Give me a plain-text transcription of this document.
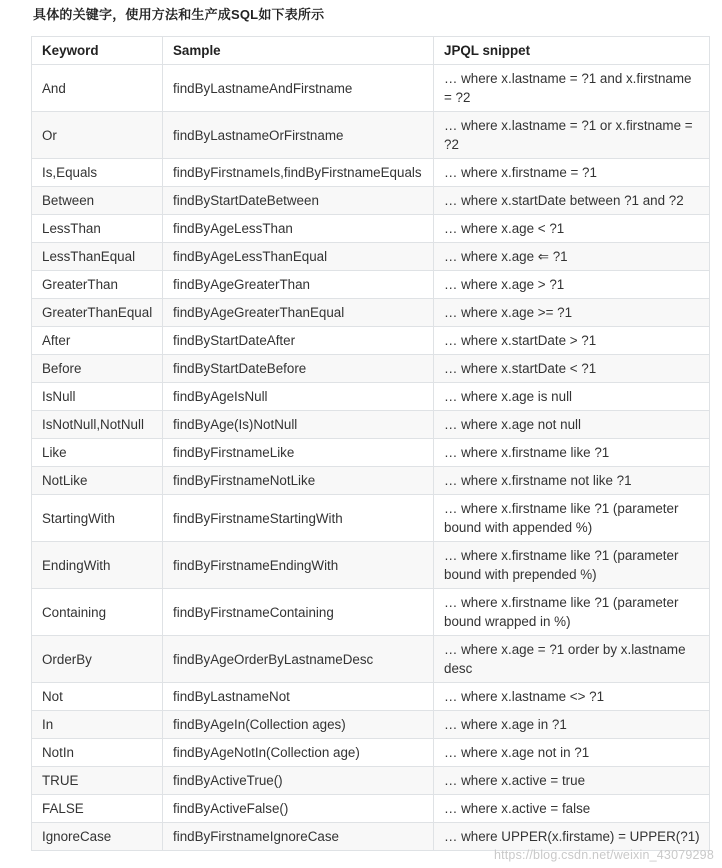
具体的关键字，使用方法和生产成SQL如下表所示
Keyword	Sample	JPQL snippet
And	findByLastnameAndFirstname	… where x.lastname = ?1 and x.firstname = ?2
Or	findByLastnameOrFirstname	… where x.lastname = ?1 or x.firstname = ?2
Is,Equals	findByFirstnameIs,findByFirstnameEquals	… where x.firstname = ?1
Between	findByStartDateBetween	… where x.startDate between ?1 and ?2
LessThan	findByAgeLessThan	… where x.age < ?1
LessThanEqual	findByAgeLessThanEqual	… where x.age ⇐ ?1
GreaterThan	findByAgeGreaterThan	… where x.age > ?1
GreaterThanEqual	findByAgeGreaterThanEqual	… where x.age >= ?1
After	findByStartDateAfter	… where x.startDate > ?1
Before	findByStartDateBefore	… where x.startDate < ?1
IsNull	findByAgeIsNull	… where x.age is null
IsNotNull,NotNull	findByAge(Is)NotNull	… where x.age not null
Like	findByFirstnameLike	… where x.firstname like ?1
NotLike	findByFirstnameNotLike	… where x.firstname not like ?1
StartingWith	findByFirstnameStartingWith	… where x.firstname like ?1 (parameter bound with appended %)
EndingWith	findByFirstnameEndingWith	… where x.firstname like ?1 (parameter bound with prepended %)
Containing	findByFirstnameContaining	… where x.firstname like ?1 (parameter bound wrapped in %)
OrderBy	findByAgeOrderByLastnameDesc	… where x.age = ?1 order by x.lastname desc
Not	findByLastnameNot	… where x.lastname <> ?1
In	findByAgeIn(Collection ages)	… where x.age in ?1
NotIn	findByAgeNotIn(Collection age)	… where x.age not in ?1
TRUE	findByActiveTrue()	… where x.active = true
FALSE	findByActiveFalse()	… where x.active = false
IgnoreCase	findByFirstnameIgnoreCase	… where UPPER(x.firstame) = UPPER(?1)
https://blog.csdn.net/weixin_43079298
